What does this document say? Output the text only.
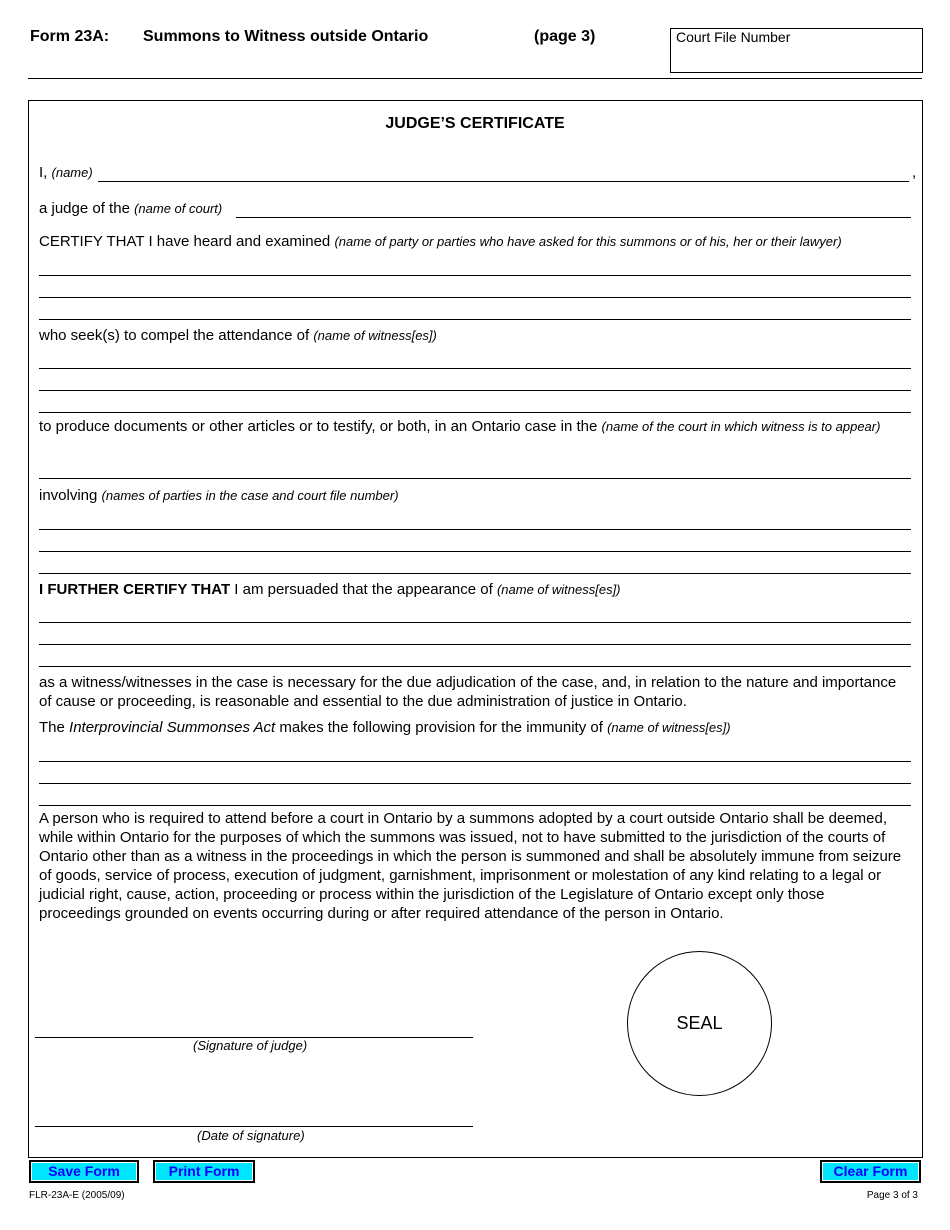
Form 23A: Summons to Witness outside Ontario	(page 3)	Court File Number
JUDGE’S CERTIFICATE
I, (name)	,
a judge of the (name of court)
CERTIFY THAT I have heard and examined (name of party or parties who have asked for this summons or of his, her or their lawyer)
who seek(s) to compel the attendance of (name of witness[es])
to produce documents or other articles or to testify, or both, in an Ontario case in the (name of the court in which witness is to appear)
involving (names of parties in the case and court file number)
I FURTHER CERTIFY THAT I am persuaded that the appearance of (name of witness[es])
as a witness/witnesses in the case is necessary for the due adjudication of the case, and, in relation to the nature and importance of cause or proceeding, is reasonable and essential to the due administration of justice in Ontario.
The Interprovincial Summonses Act makes the following provision for the immunity of (name of witness[es])
A person who is required to attend before a court in Ontario by a summons adopted by a court outside Ontario shall be deemed, while within Ontario for the purposes of which the summons was issued, not to have submitted to the jurisdiction of the courts of Ontario other than as a witness in the proceedings in which the person is summoned and shall be absolutely immune from seizure of goods, service of process, execution of judgment, garnishment, imprisonment or molestation of any kind relating to a legal or judicial right, cause, action, proceeding or process within the jurisdiction of the Legislature of Ontario except only those proceedings grounded on events occurring during or after required attendance of the person in Ontario.
SEAL
(Signature of judge)
(Date of signature)
Save Form	Print Form	Clear Form
FLR-23A-E (2005/09)	Page 3 of 3
